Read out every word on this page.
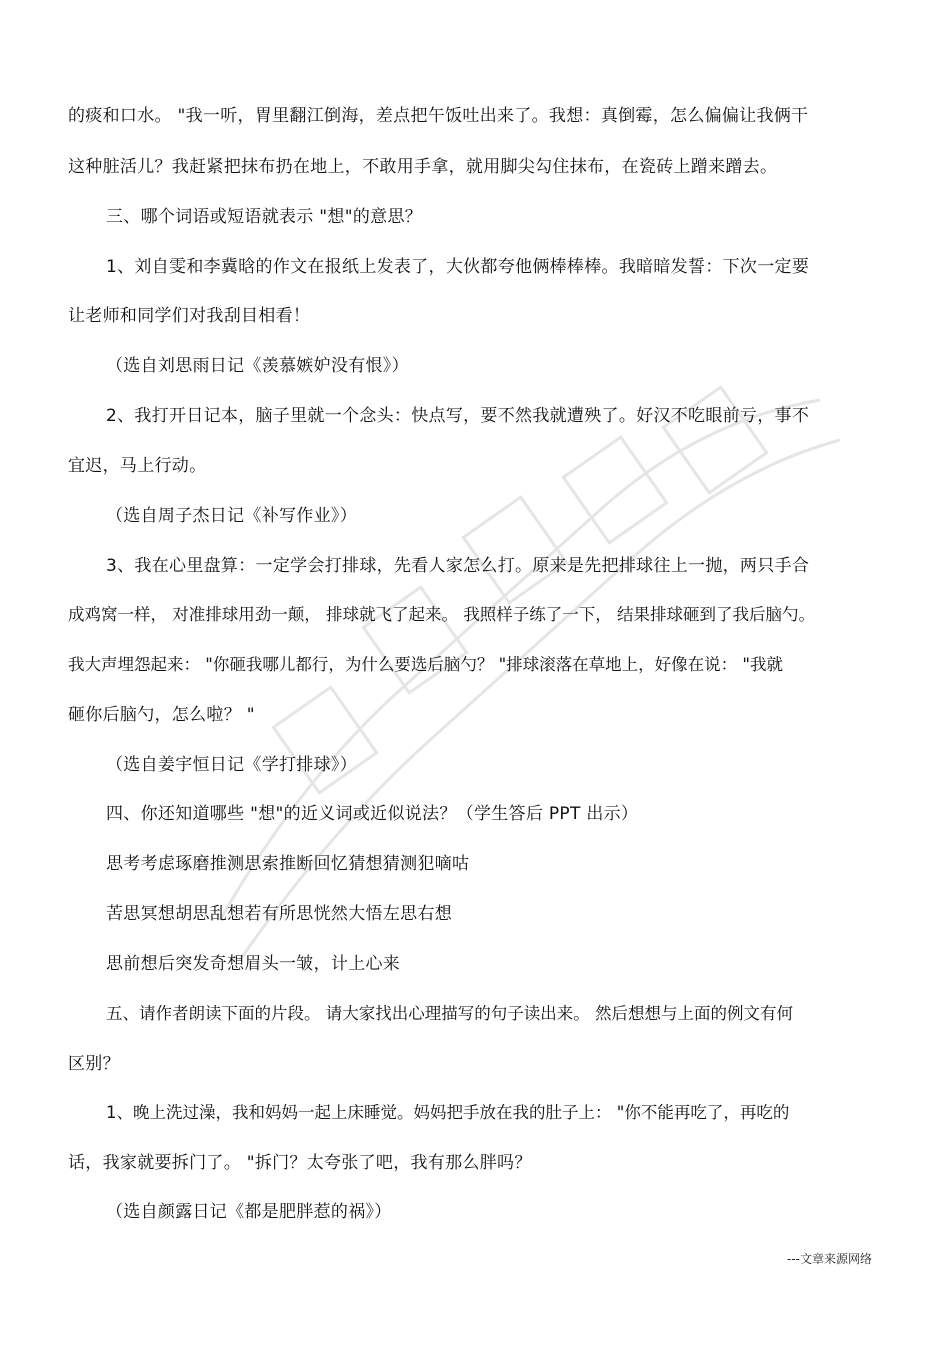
的痰和口水。 "我一听，胃里翻江倒海，差点把午饭吐出来了。我想：真倒霉，怎么偏偏让我俩干
这种脏活儿？我赶紧把抹布扔在地上，不敢用手拿，就用脚尖勾住抹布，在瓷砖上蹭来蹭去。
三、哪个词语或短语就表示 "想"的意思？
1、刘自雯和李冀晗的作文在报纸上发表了，大伙都夸他俩棒棒棒。我暗暗发誓：下次一定要
让老师和同学们对我刮目相看！
（选自刘思雨日记《羡慕嫉妒没有恨》）
2、我打开日记本，脑子里就一个念头：快点写，要不然我就遭殃了。好汉不吃眼前亏，事不
宜迟，马上行动。
（选自周子杰日记《补写作业》）
3、我在心里盘算：一定学会打排球，先看人家怎么打。原来是先把排球往上一抛，两只手合
成鸡窝一样， 对准排球用劲一颠， 排球就飞了起来。 我照样子练了一下， 结果排球砸到了我后脑勺。
我大声埋怨起来： "你砸我哪儿都行，为什么要选后脑勺？ "排球滚落在草地上，好像在说： "我就
砸你后脑勺，怎么啦？ "
（选自姜宇恒日记《学打排球》）
四、你还知道哪些 "想"的近义词或近似说法？（学生答后 PPT 出示）
思考考虑琢磨推测思索推断回忆猜想猜测犯嘀咕
苦思冥想胡思乱想若有所思恍然大悟左思右想
思前想后突发奇想眉头一皱，计上心来
五、请作者朗读下面的片段。 请大家找出心理描写的句子读出来。 然后想想与上面的例文有何
区别？
1、晚上洗过澡，我和妈妈一起上床睡觉。妈妈把手放在我的肚子上： "你不能再吃了，再吃的
话，我家就要拆门了。 "拆门？太夸张了吧，我有那么胖吗？
（选自颜露日记《都是肥胖惹的祸》）
---文章来源网络
